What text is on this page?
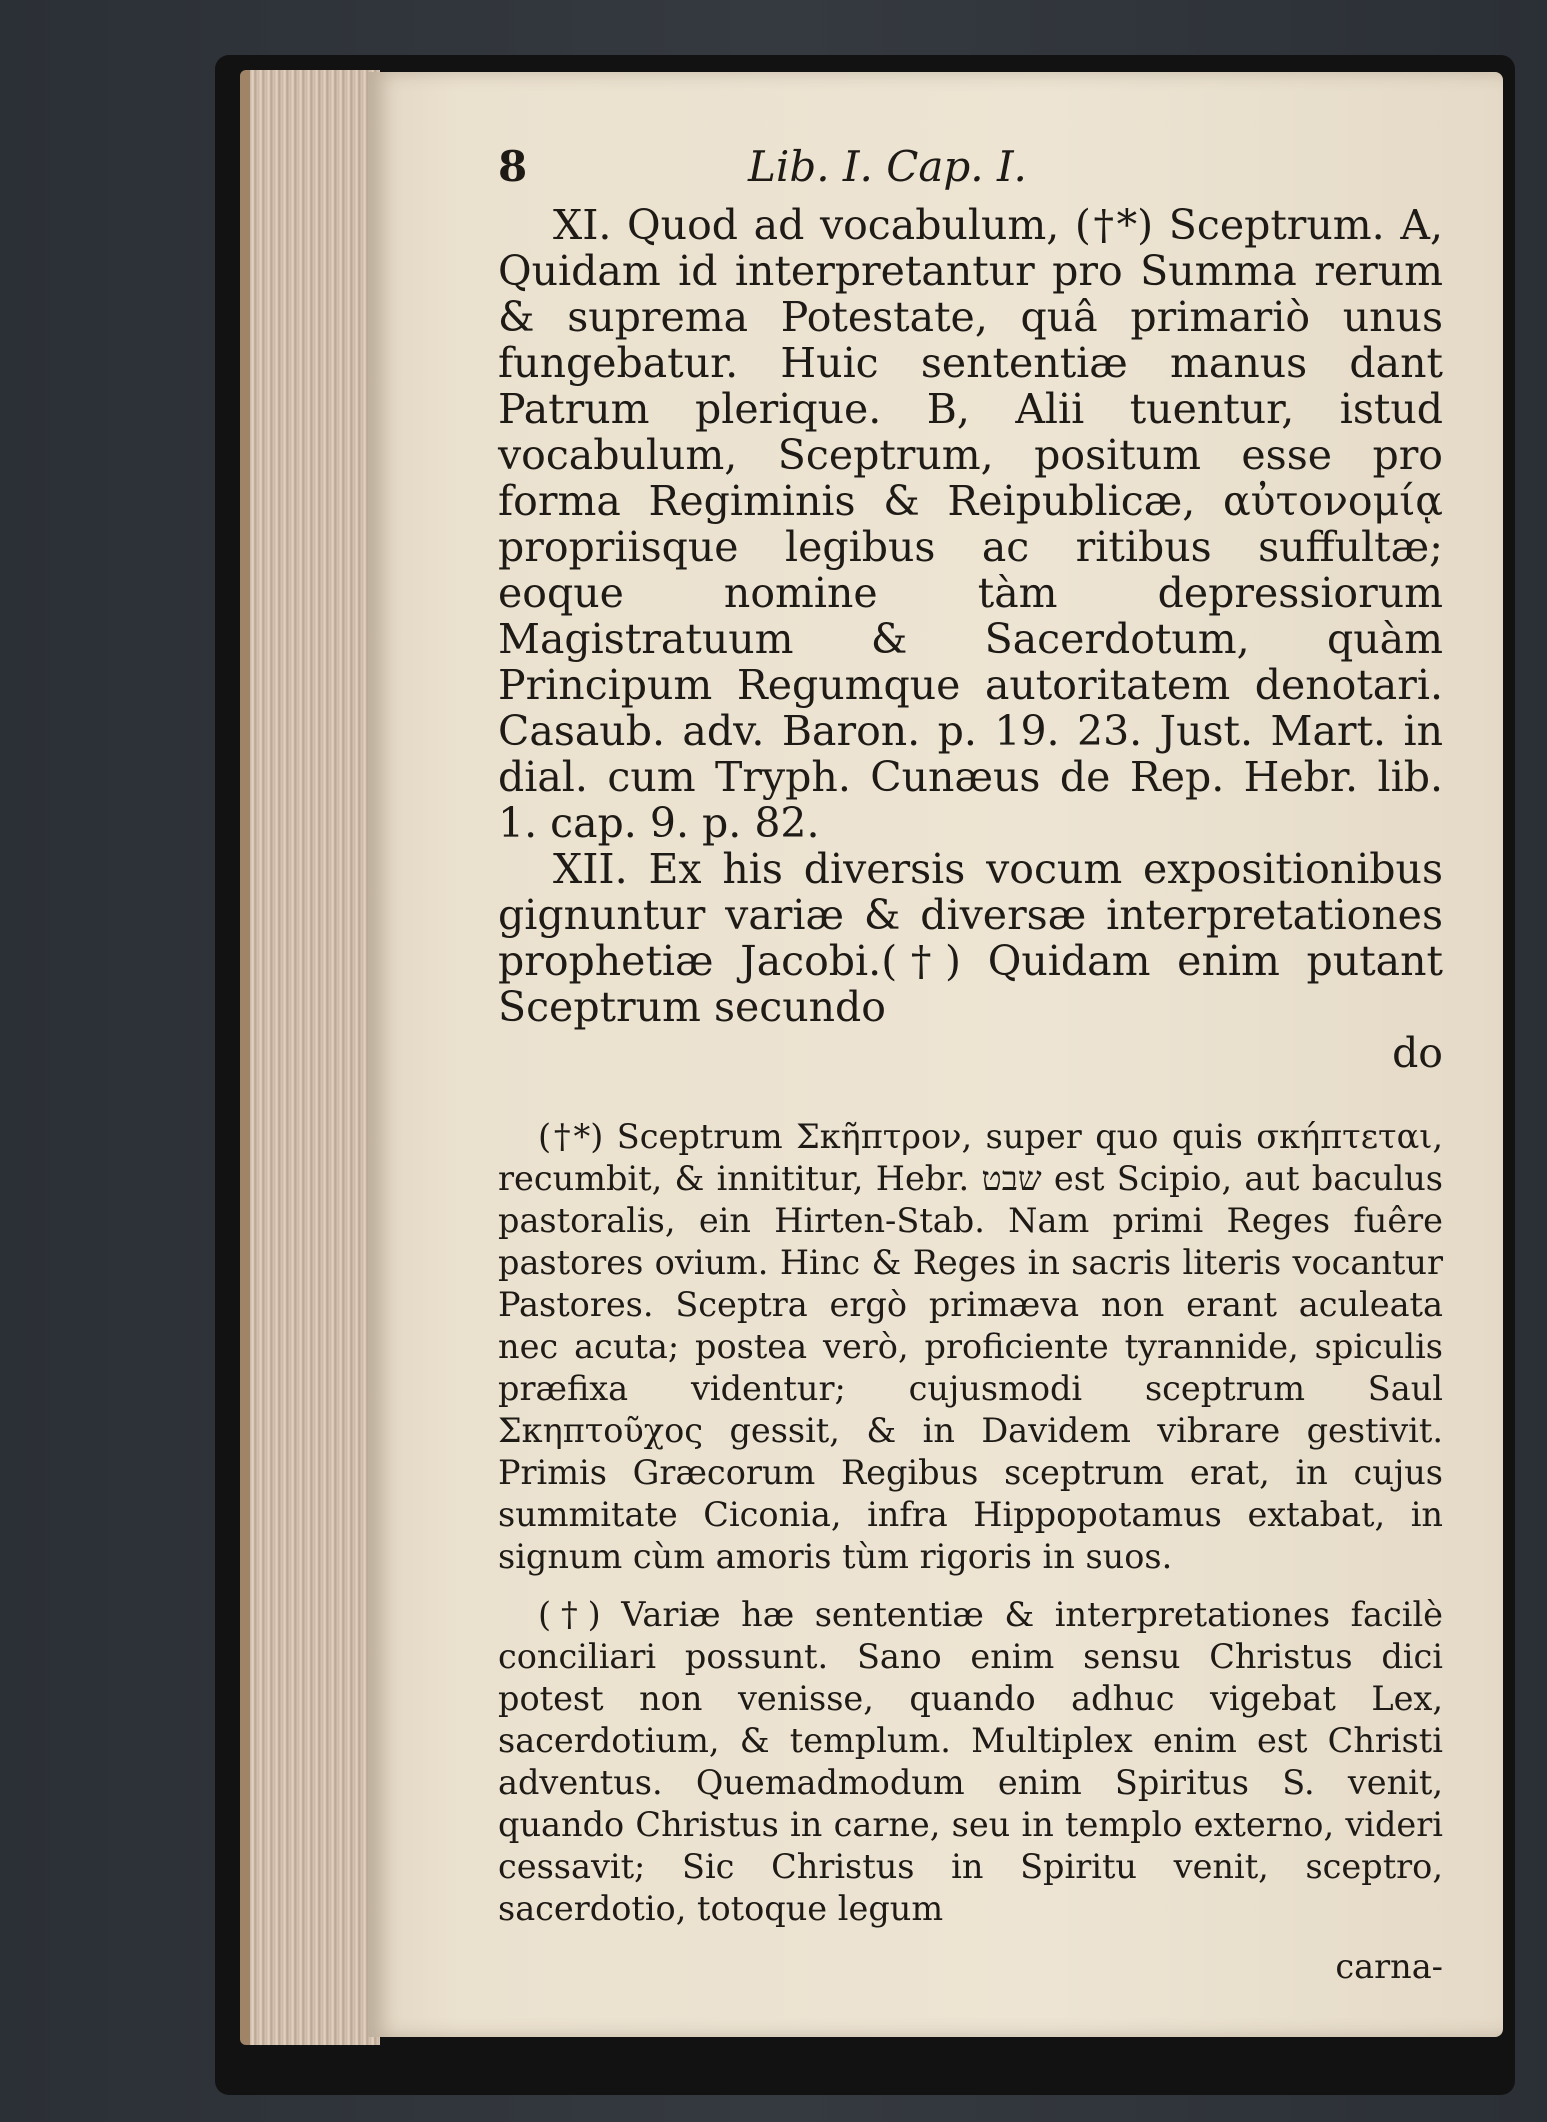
8	Lib. I. Cap. I.

XI. Quod ad vocabulum, (†*) Sceptrum. A, Quidam id interpretantur pro Summa rerum & suprema Potestate, quâ primariò unus fungebatur. Huic sententiæ manus dant Patrum plerique. B, Alii tuentur, istud vocabulum, Sceptrum, positum esse pro forma Regiminis & Reipublicæ, αὐτονομίᾳ propriisque legibus ac ritibus suffultæ; eoque nomine tàm depressiorum Magistratuum & Sacerdotum, quàm Principum Regumque autoritatem denotari. Casaub. adv. Baron. p. 19. 23. Just. Mart. in dial. cum Tryph. Cunæus de Rep. Hebr. lib. 1. cap. 9. p. 82.

XII. Ex his diversis vocum expositionibus gignuntur variæ & diversæ interpretationes prophetiæ Jacobi.(†) Quidam enim putant Sceptrum secundo

do

(†*) Sceptrum Σκῆπτρον, super quo quis σκήπτεται, recumbit, & innititur, Hebr. שבט est Scipio, aut baculus pastoralis, ein Hirten-Stab. Nam primi Reges fuêre pastores ovium. Hinc & Reges in sacris literis vocantur Pastores. Sceptra ergò primæva non erant aculeata nec acuta; postea verò, proficiente tyrannide, spiculis præfixa videntur; cujusmodi sceptrum Saul Σκηπτοῦχος gessit, & in Davidem vibrare gestivit. Primis Græcorum Regibus sceptrum erat, in cujus summitate Ciconia, infra Hippopotamus extabat, in signum cùm amoris tùm rigoris in suos.

(†) Variæ hæ sententiæ & interpretationes facilè conciliari possunt. Sano enim sensu Christus dici potest non venisse, quando adhuc vigebat Lex, sacerdotium, & templum. Multiplex enim est Christi adventus. Quemadmodum enim Spiritus S. venit, quando Christus in carne, seu in templo externo, videri cessavit; Sic Christus in Spiritu venit, sceptro, sacerdotio, totoque legum

carna-
